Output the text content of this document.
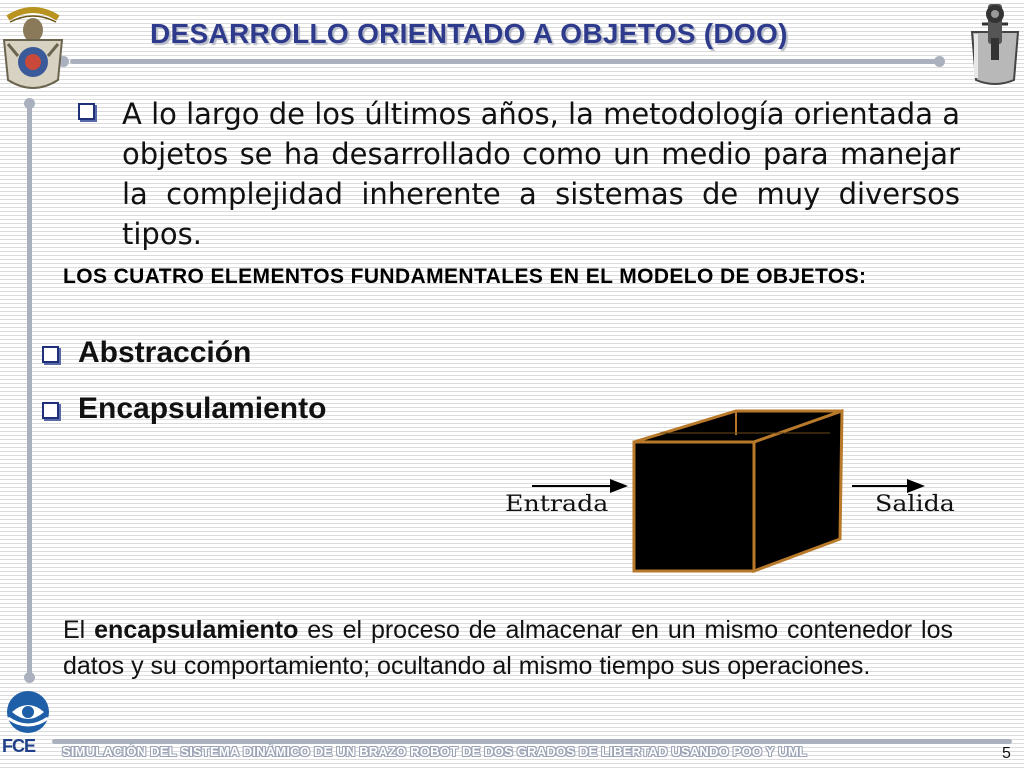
DESARROLLO ORIENTADO A OBJETOS (DOO)

A lo largo de los últimos años, la metodología orientada a objetos se ha desarrollado como un medio para manejar la complejidad inherente a sistemas de muy diversos tipos.

LOS CUATRO ELEMENTOS FUNDAMENTALES EN EL MODELO DE OBJETOS:

Abstracción
Encapsulamiento
Entrada	Salida

El encapsulamiento es el proceso de almacenar en un mismo contenedor los datos y su comportamiento; ocultando al mismo tiempo sus operaciones.

FCE SIMULACIÓN DEL SISTEMA DINÁMICO DE UN BRAZO ROBOT DE DOS GRADOS DE LIBERTAD USANDO POO Y UML	5
